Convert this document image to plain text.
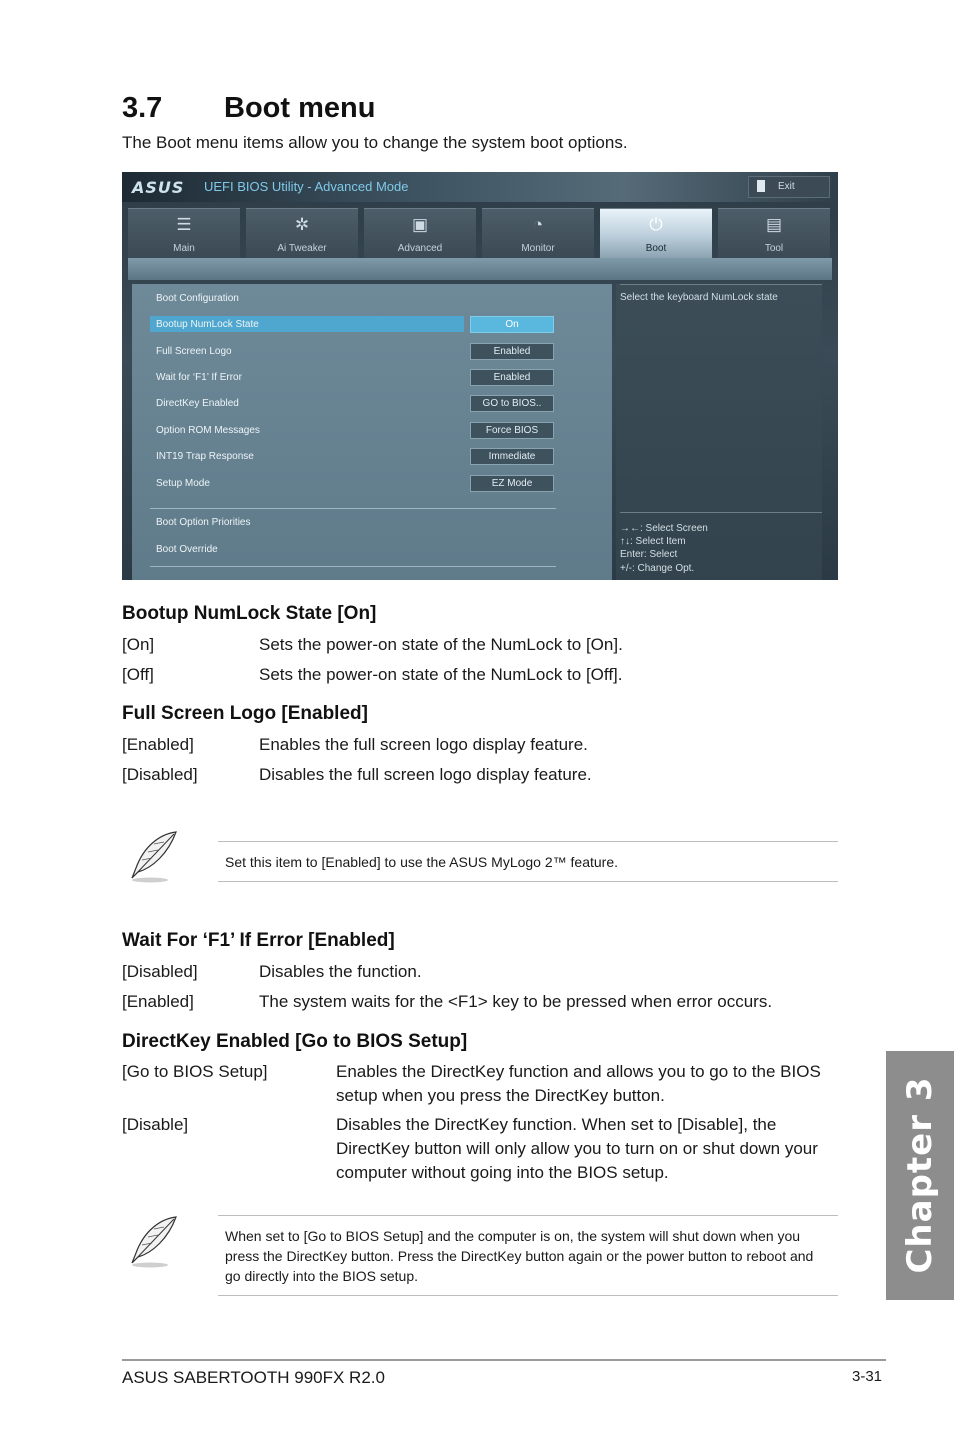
3.7 Boot menu
The Boot menu items allow you to change the system boot options.
ASUS UEFI BIOS Utility - Advanced Mode	Exit
☰
Main
✲
Ai Tweaker
▣
Advanced
◔
Monitor
⏻
Boot
▤
Tool
Boot Configuration
Bootup NumLock State	On
Full Screen Logo	Enabled
Wait for ‘F1’ If Error	Enabled
DirectKey Enabled	GO to BIOS..
Option ROM Messages	Force BIOS
INT19 Trap Response	Immediate
Setup Mode	EZ Mode
Boot Option Priorities
Boot Override
Select the keyboard NumLock state
→←: Select Screen
↑↓: Select Item
Enter: Select
+/-: Change Opt.
Bootup NumLock State [On]
[On]	Sets the power-on state of the NumLock to [On].
[Off]	Sets the power-on state of the NumLock to [Off].
Full Screen Logo [Enabled]
[Enabled]	Enables the full screen logo display feature.
[Disabled]	Disables the full screen logo display feature.
Set this item to [Enabled] to use the ASUS MyLogo 2™ feature.
Wait For ‘F1’ If Error [Enabled]
[Disabled]	Disables the function.
[Enabled]	The system waits for the <F1> key to be pressed when error occurs.
DirectKey Enabled [Go to BIOS Setup]
[Go to BIOS Setup]	Enables the DirectKey function and allows you to go to the BIOS setup when you press the DirectKey button.
[Disable]	Disables the DirectKey function. When set to [Disable], the DirectKey button will only allow you to turn on or shut down your computer without going into the BIOS setup.
When set to [Go to BIOS Setup] and the computer is on, the system will shut down when you press the DirectKey button. Press the DirectKey button again or the power button to reboot and go directly into the BIOS setup.
Chapter 3
ASUS SABERTOOTH 990FX R2.0	3-31
